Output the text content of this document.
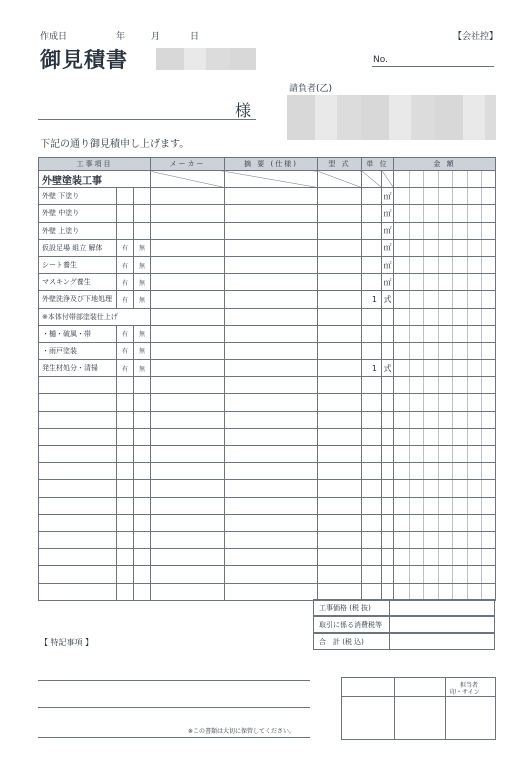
作成日	年	月	日	【会社控】
御見積書	No.
様
請負者(乙)
下記の通り御見積申し上げます。
工事項目			メーカー	摘 要 (仕様)	型 式	単 位		金 額
外壁塗装工事								
外壁 下塗り							㎡	
外壁 中塗り							㎡	
外壁 上塗り							㎡	
仮設足場 組立 解体	有	無					㎡	
シート養生	有	無					㎡	
マスキング養生	有	無					㎡	
外壁洗浄及び下地処理	有	無				1	式	
※本体付帯部塗装仕上げ								
・樋・破風・帯	有	無						
・雨戸塗装	有	無						
発生材処分・清掃	有	無				1	式	

工事価格 (税 抜)
取引に係る消費税等
合　計 (税 込)
【 特記事項 】
※この書類は大切に保管してください。
担当者
印・サイン
